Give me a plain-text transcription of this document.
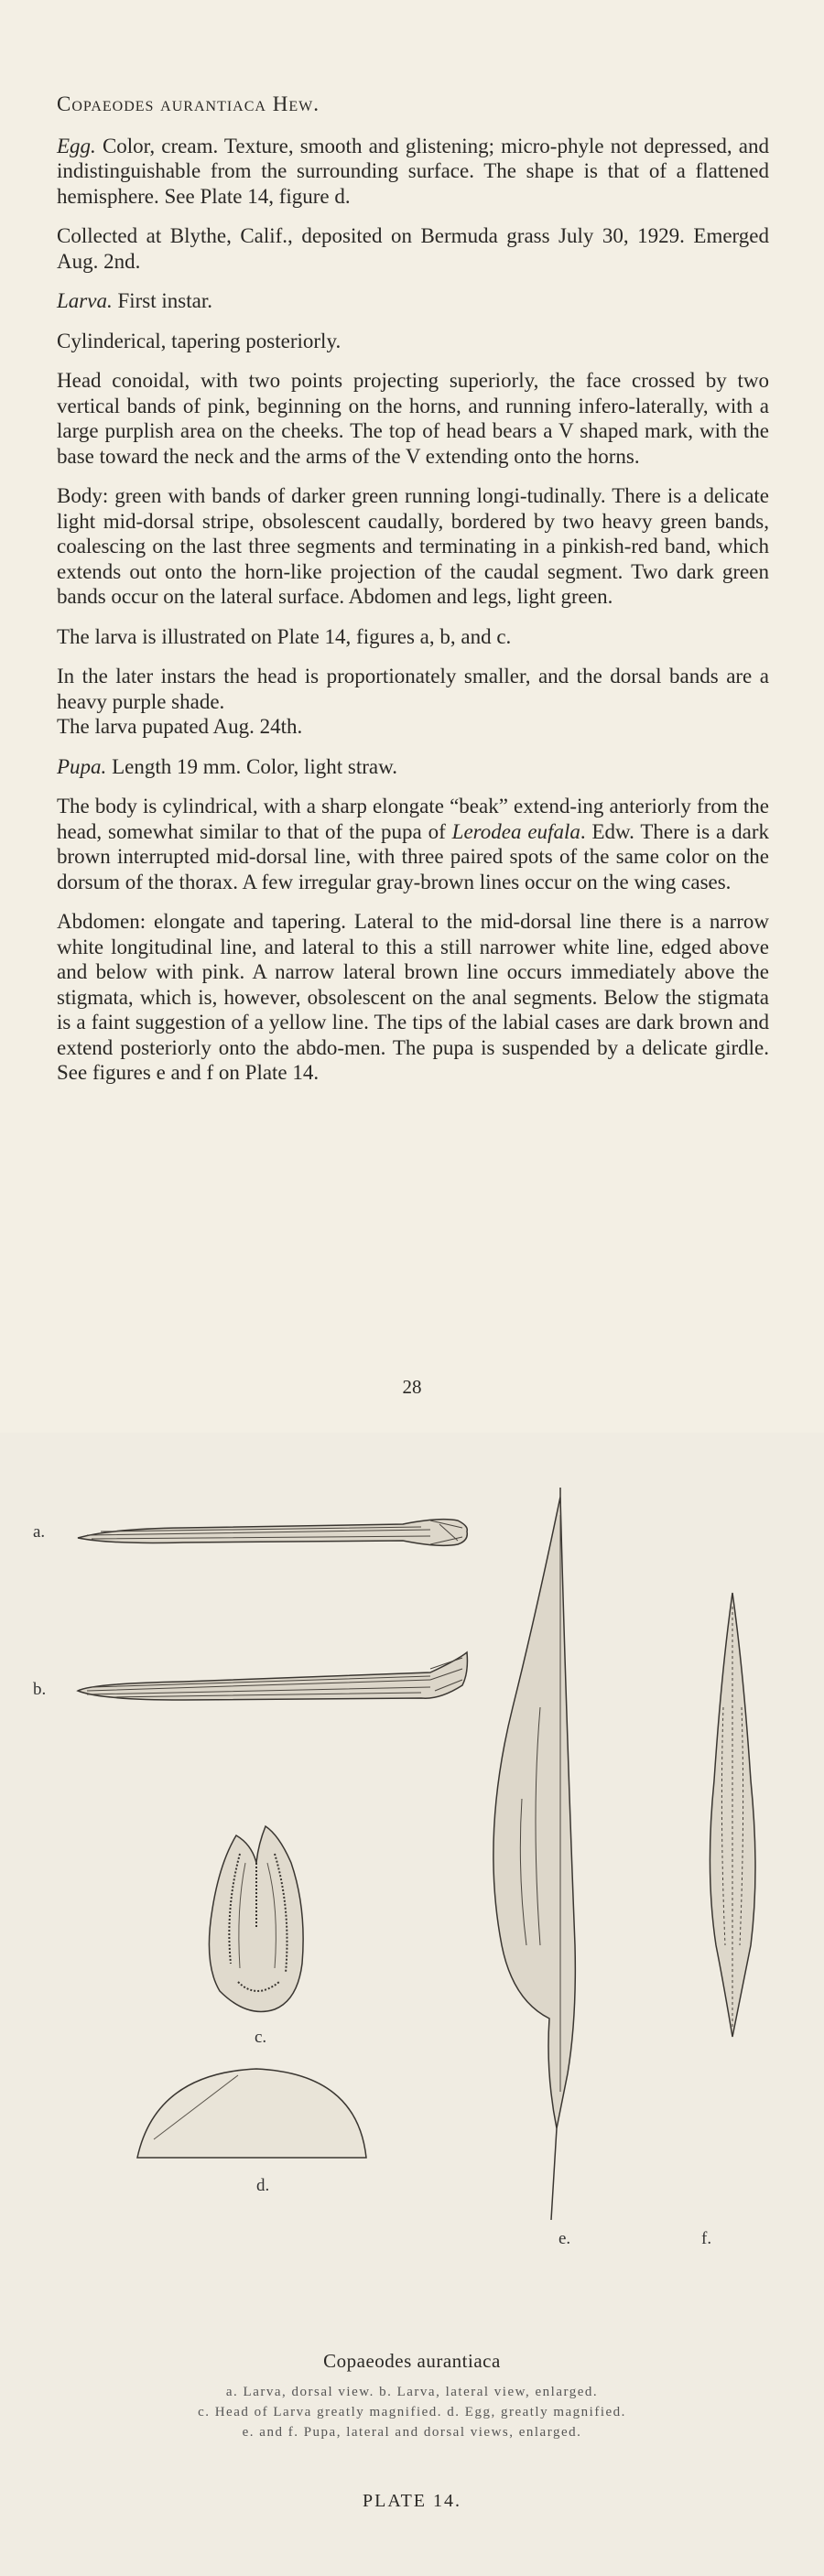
Copaeodes aurantiaca Hew.

Egg. Color, cream. Texture, smooth and glistening; micro-phyle not depressed, and indistinguishable from the surrounding surface. The shape is that of a flattened hemisphere. See Plate 14, figure d.

Collected at Blythe, Calif., deposited on Bermuda grass July 30, 1929. Emerged Aug. 2nd.

Larva. First instar.

Cylinderical, tapering posteriorly.

Head conoidal, with two points projecting superiorly, the face crossed by two vertical bands of pink, beginning on the horns, and running infero-laterally, with a large purplish area on the cheeks. The top of head bears a V shaped mark, with the base toward the neck and the arms of the V extending onto the horns.

Body: green with bands of darker green running longi-tudinally. There is a delicate light mid-dorsal stripe, obsolescent caudally, bordered by two heavy green bands, coalescing on the last three segments and terminating in a pinkish-red band, which extends out onto the horn-like projection of the caudal segment. Two dark green bands occur on the lateral surface. Abdomen and legs, light green.

The larva is illustrated on Plate 14, figures a, b, and c.

In the later instars the head is proportionately smaller, and the dorsal bands are a heavy purple shade.

The larva pupated Aug. 24th.

Pupa. Length 19 mm. Color, light straw.

The body is cylindrical, with a sharp elongate “beak” extend-ing anteriorly from the head, somewhat similar to that of the pupa of Lerodea eufala. Edw. There is a dark brown interrupted mid-dorsal line, with three paired spots of the same color on the dorsum of the thorax. A few irregular gray-brown lines occur on the wing cases.

Abdomen: elongate and tapering. Lateral to the mid-dorsal line there is a narrow white longitudinal line, and lateral to this a still narrower white line, edged above and below with pink. A narrow lateral brown line occurs immediately above the stigmata, which is, however, obsolescent on the anal segments. Below the stigmata is a faint suggestion of a yellow line. The tips of the labial cases are dark brown and extend posteriorly onto the abdo-men. The pupa is suspended by a delicate girdle. See figures e and f on Plate 14.

28
a.
b.
c.
d.
e.	f.
Copaeodes aurantiaca
a. Larva, dorsal view. b. Larva, lateral view, enlarged.
c. Head of Larva greatly magnified. d. Egg, greatly magnified.
e. and f. Pupa, lateral and dorsal views, enlarged.
PLATE 14.
